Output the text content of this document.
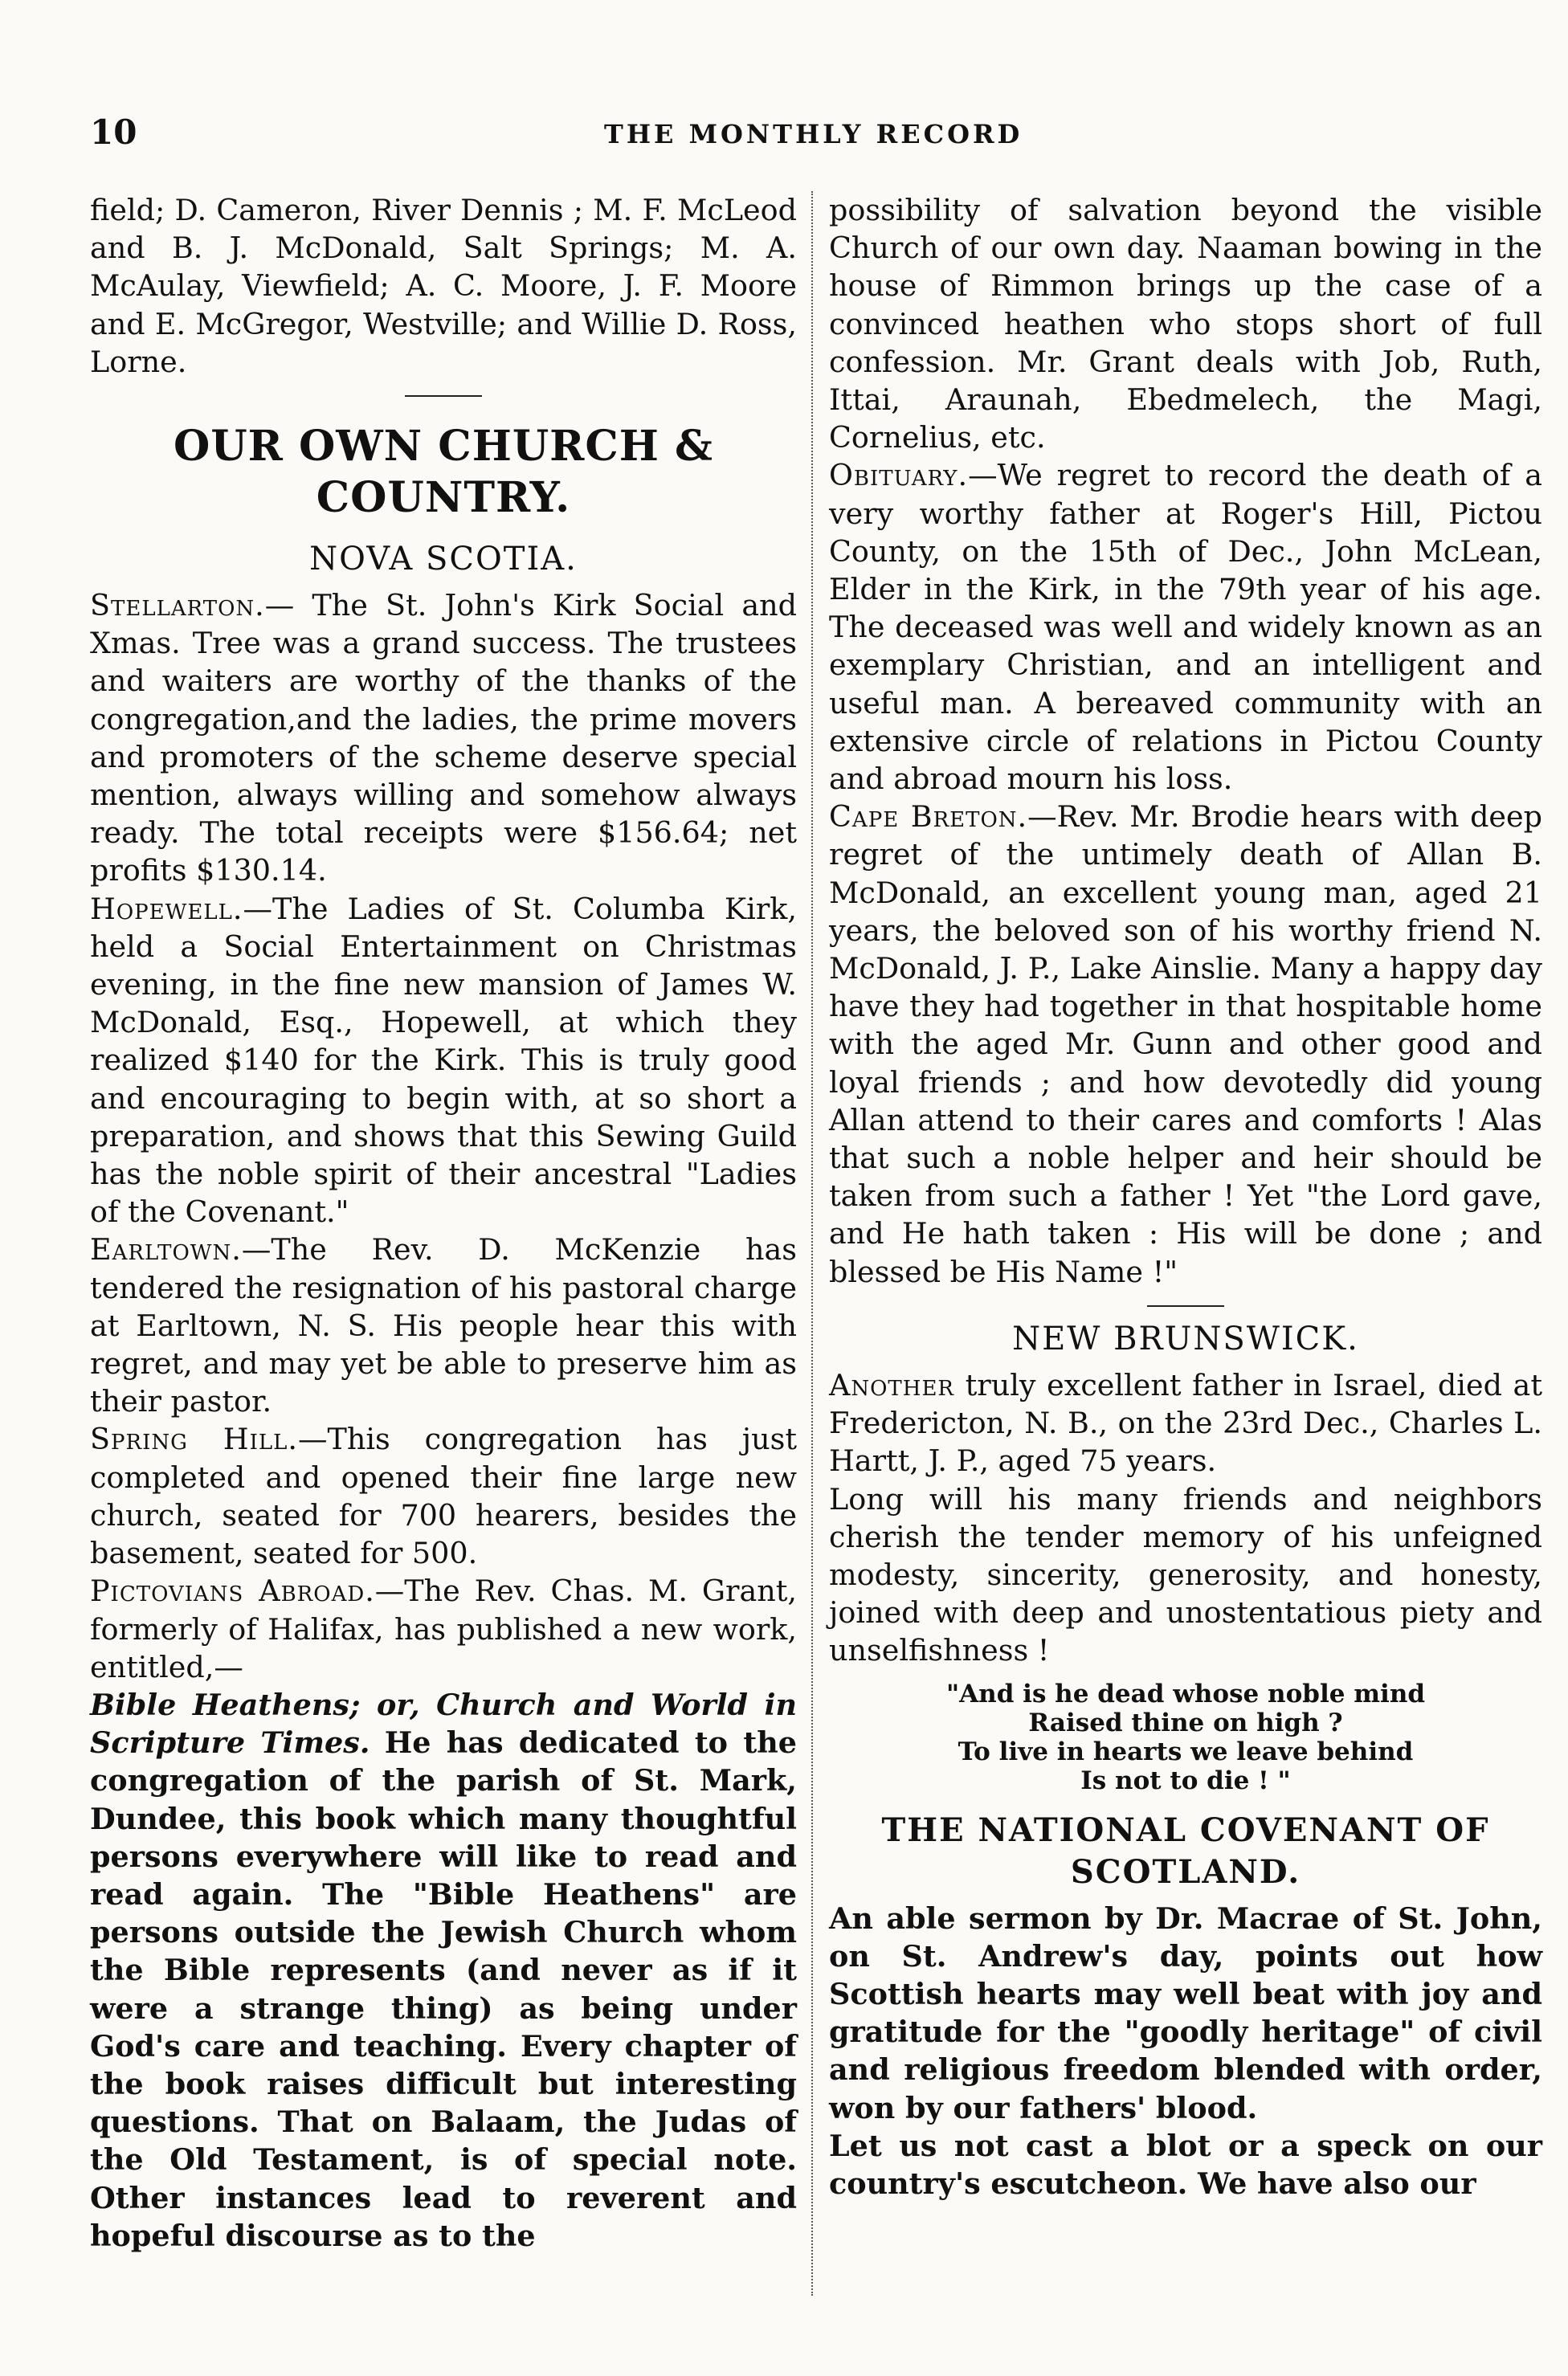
10	THE MONTHLY RECORD

field; D. Cameron, River Dennis ; M. F. McLeod and B. J. McDonald, Salt Springs; M. A. McAulay, Viewfield; A. C. Moore, J. F. Moore and E. McGregor, Westville; and Willie D. Ross, Lorne.

OUR OWN CHURCH & COUNTRY.
NOVA SCOTIA.

Stellarton.— The St. John's Kirk Social and Xmas. Tree was a grand success. The trustees and waiters are worthy of the thanks of the congregation,and the ladies, the prime movers and promoters of the scheme deserve special mention, always willing and somehow always ready. The total receipts were $156.64; net profits $130.14.

Hopewell.—The Ladies of St. Columba Kirk, held a Social Entertainment on Christmas evening, in the fine new mansion of James W. McDonald, Esq., Hopewell, at which they realized $140 for the Kirk. This is truly good and encouraging to begin with, at so short a preparation, and shows that this Sewing Guild has the noble spirit of their ancestral "Ladies of the Covenant."

Earltown.—The Rev. D. McKenzie has tendered the resignation of his pastoral charge at Earltown, N. S. His people hear this with regret, and may yet be able to preserve him as their pastor.

Spring Hill.—This congregation has just completed and opened their fine large new church, seated for 700 hearers, besides the basement, seated for 500.

Pictovians Abroad.—The Rev. Chas. M. Grant, formerly of Halifax, has published a new work, entitled,—

Bible Heathens; or, Church and World in Scripture Times. He has dedicated to the congregation of the parish of St. Mark, Dundee, this book which many thoughtful persons everywhere will like to read and read again. The "Bible Heathens" are persons outside the Jewish Church whom the Bible represents (and never as if it were a strange thing) as being under God's care and teaching. Every chapter of the book raises difficult but interesting questions. That on Balaam, the Judas of the Old Testament, is of special note. Other instances lead to reverent and hopeful discourse as to the

possibility of salvation beyond the visible Church of our own day. Naaman bowing in the house of Rimmon brings up the case of a convinced heathen who stops short of full confession. Mr. Grant deals with Job, Ruth, Ittai, Araunah, Ebedmelech, the Magi, Cornelius, etc.

Obituary.—We regret to record the death of a very worthy father at Roger's Hill, Pictou County, on the 15th of Dec., John McLean, Elder in the Kirk, in the 79th year of his age. The deceased was well and widely known as an exemplary Christian, and an intelligent and useful man. A bereaved community with an extensive circle of relations in Pictou County and abroad mourn his loss.

Cape Breton.—Rev. Mr. Brodie hears with deep regret of the untimely death of Allan B. McDonald, an excellent young man, aged 21 years, the beloved son of his worthy friend N. McDonald, J. P., Lake Ainslie. Many a happy day have they had together in that hospitable home with the aged Mr. Gunn and other good and loyal friends ; and how devotedly did young Allan attend to their cares and comforts ! Alas that such a noble helper and heir should be taken from such a father ! Yet "the Lord gave, and He hath taken : His will be done ; and blessed be His Name !"

NEW BRUNSWICK.

Another truly excellent father in Israel, died at Fredericton, N. B., on the 23rd Dec., Charles L. Hartt, J. P., aged 75 years.

Long will his many friends and neighbors cherish the tender memory of his unfeigned modesty, sincerity, generosity, and honesty, joined with deep and unostentatious piety and unselfishness !

"And is he dead whose noble mind
Raised thine on high ?
To live in hearts we leave behind
Is not to die ! "
THE NATIONAL COVENANT OF SCOTLAND.

An able sermon by Dr. Macrae of St. John, on St. Andrew's day, points out how Scottish hearts may well beat with joy and gratitude for the "goodly heritage" of civil and religious freedom blended with order, won by our fathers' blood.

Let us not cast a blot or a speck on our country's escutcheon. We have also our
